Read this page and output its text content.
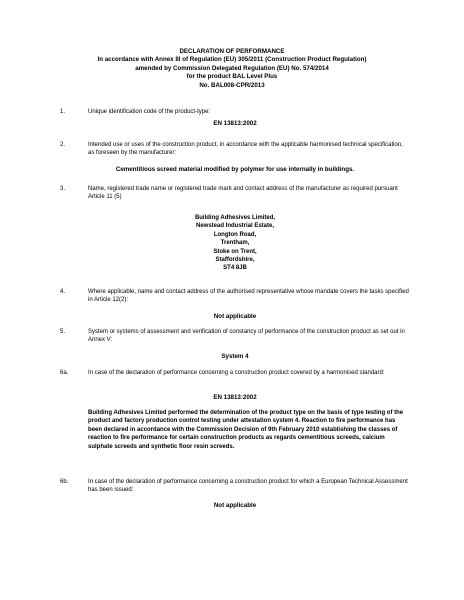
DECLARATION OF PERFORMANCE
In accordance with Annex III of Regulation (EU) 305/2011 (Construction Product Regulation)
amended by Commission Delegated Regulation (EU) No. 574/2014
for the product BAL Level Plus
No. BAL008-CPR/2013
1.	Unique identification code of the product-type:
EN 13813:2002
2.	Intended use or uses of the construction product, in accordance with the applicable harmonised technical specification, as foreseen by the manufacturer:
Cementitious screed material modified by polymer for use internally in buildings.
3.	Name, registered trade name or registered trade mark and contact address of the manufacturer as required pursuant Article 11 (5)
Building Adhesives Limited,
Newstead Industrial Estate,
Longton Road,
Trentham,
Stoke on Trent,
Staffordshire,
ST4 8JB
4.	Where applicable, name and contact address of the authorised representative whose mandate covers the tasks specified in Article 12(2):
Not applicable
5.	System or systems of assessment and verification of constancy of performance of the construction product as set out in Annex V:
System 4
6a.	In case of the declaration of performance concerning a construction product covered by a harmonised standard:
EN 13813:2002
Building Adhesives Limited performed the determination of the product type on the basis of type testing of the product and factory production control testing under attestation system 4. Reaction to fire performance has been declared in accordance with the Commission Decision of 9th February 2010 establishing the classes of reaction to fire performance for certain construction products as regards cementitious screeds, calcium sulphate screeds and synthetic floor resin screeds.
6b.	In case of the declaration of performance concerning a construction product for which a European Technical Assessment has been issued:
Not applicable
